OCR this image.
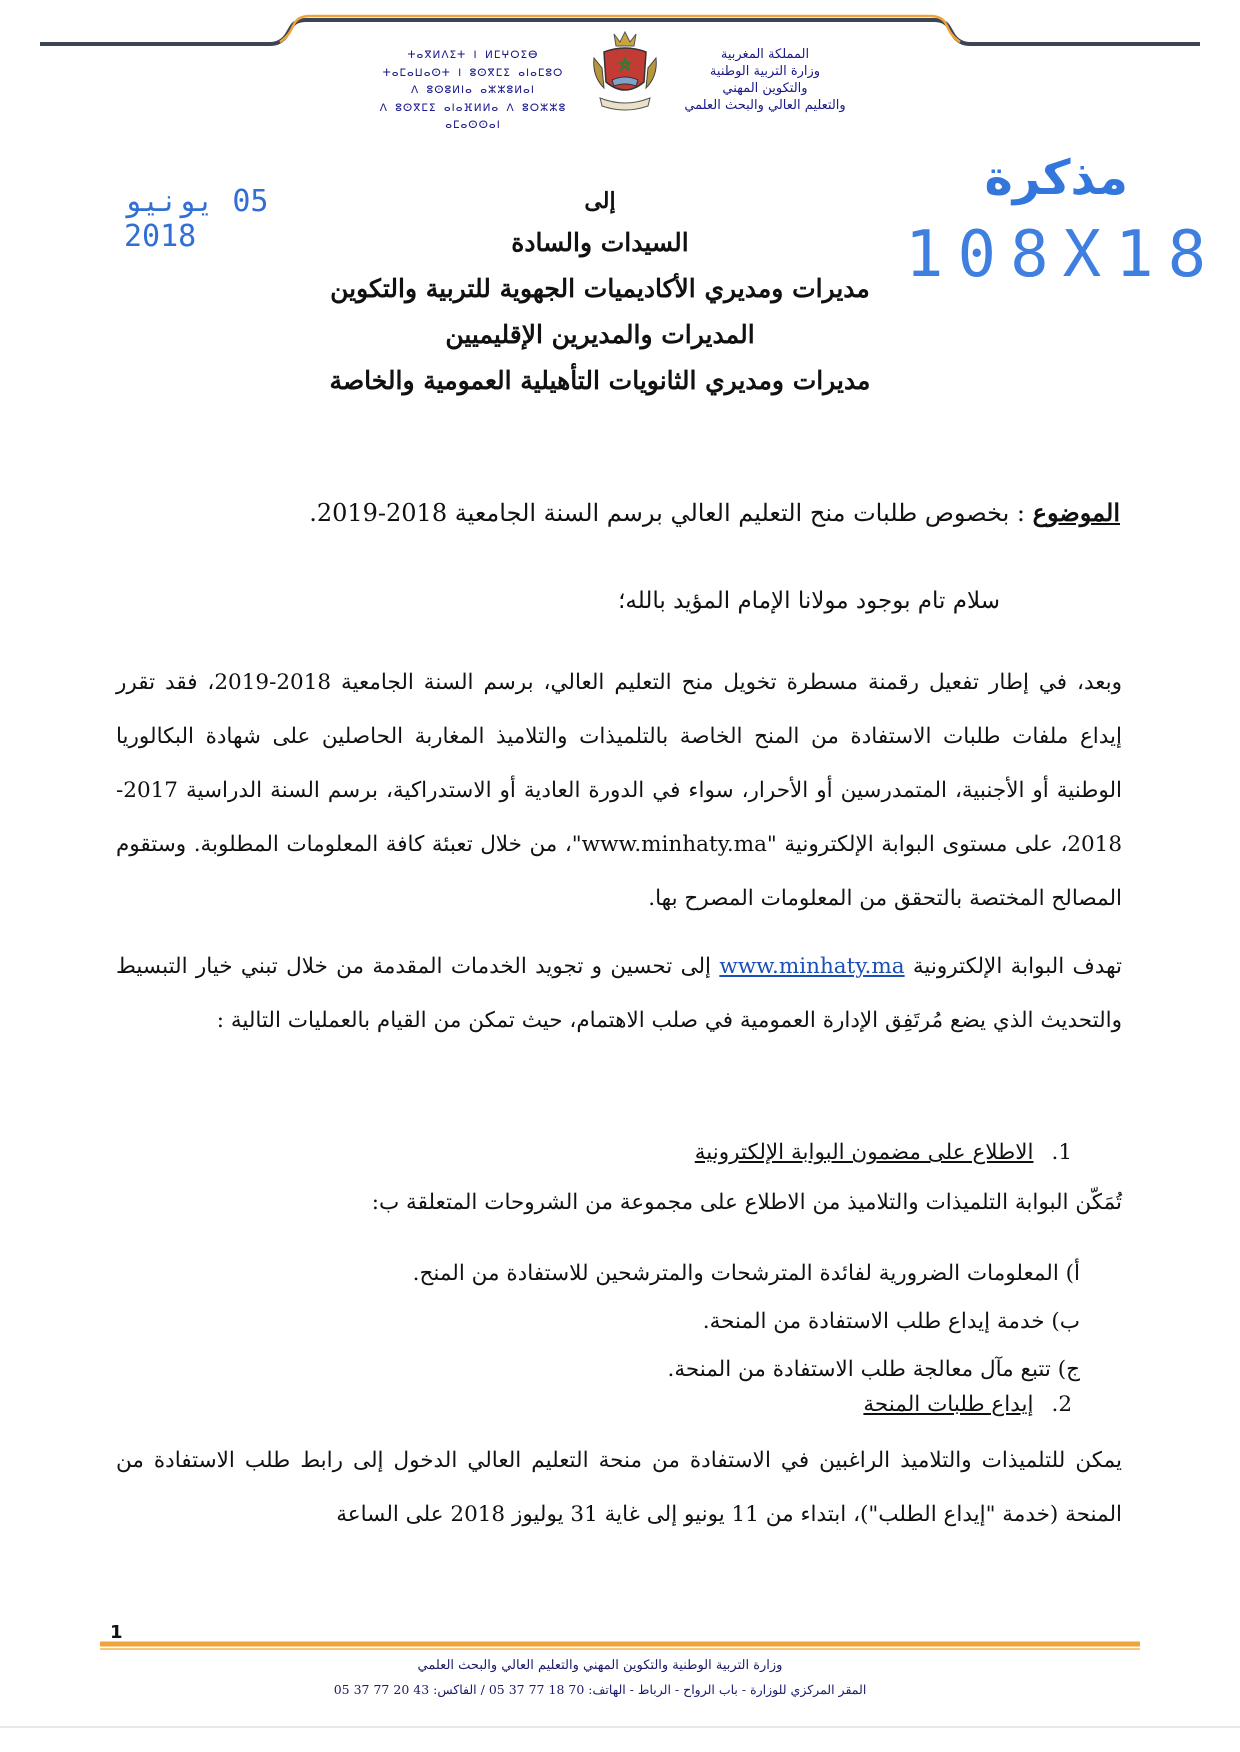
ⵜⴰⴳⵍⴷⵉⵜ ⵏ ⵍⵎⵖⵔⵉⴱ
ⵜⴰⵎⴰⵡⴰⵙⵜ ⵏ ⵓⵙⴳⵎⵉ ⴰⵏⴰⵎⵓⵔ
ⴷ ⵓⵙⵓⵍⵏⴰ ⴰⵣⵣⵓⵍⴰⵏ
ⴷ ⵓⵙⴳⵎⵉ ⴰⵏⴰⴼⵍⵍⴰ ⴷ ⵓⵔⵣⵣⵓ ⴰⵎⴰⵙⵙⴰⵏ
المملكة المغربية
وزارة التربية الوطنية
والتكوين المهني
والتعليم العالي والبحث العلمي
05 يونيو 2018
مذكرة
108X18
إلى
السيدات والسادة
مديرات ومديري الأكاديميات الجهوية للتربية والتكوين
المديرات والمديرين الإقليميين
مديرات ومديري الثانويات التأهيلية العمومية والخاصة
الموضوع : بخصوص طلبات منح التعليم العالي برسم السنة الجامعية 2018-2019.
سلام تام بوجود مولانا الإمام المؤيد بالله؛
وبعد، في إطار تفعيل رقمنة مسطرة تخويل منح التعليم العالي، برسم السنة الجامعية 2018-2019، فقد تقرر إيداع ملفات طلبات الاستفادة من المنح الخاصة بالتلميذات والتلاميذ المغاربة الحاصلين على شهادة البكالوريا الوطنية أو الأجنبية، المتمدرسين أو الأحرار، سواء في الدورة العادية أو الاستدراكية، برسم السنة الدراسية 2017-2018، على مستوى البوابة الإلكترونية "www.minhaty.ma"، من خلال تعبئة كافة المعلومات المطلوبة. وستقوم المصالح المختصة بالتحقق من المعلومات المصرح بها.
تهدف البوابة الإلكترونية www.minhaty.ma إلى تحسين و تجويد الخدمات المقدمة من خلال تبني خيار التبسيط والتحديث الذي يضع مُرتَفِق الإدارة العمومية في صلب الاهتمام، حيث تمكن من القيام بالعمليات التالية :
1.الاطلاع على مضمون البوابة الإلكترونية
تُمَكّن البوابة التلميذات والتلاميذ من الاطلاع على مجموعة من الشروحات المتعلقة ب:
أ) المعلومات الضرورية لفائدة المترشحات والمترشحين للاستفادة من المنح.
ب) خدمة إيداع طلب الاستفادة من المنحة.
ج) تتبع مآل معالجة طلب الاستفادة من المنحة.
2.إيداع طلبات المنحة
يمكن للتلميذات والتلاميذ الراغبين في الاستفادة من منحة التعليم العالي الدخول إلى رابط طلب الاستفادة من المنحة (خدمة "إيداع الطلب")، ابتداء من 11 يونيو إلى غاية 31 يوليوز 2018 على الساعة
1
وزارة التربية الوطنية والتكوين المهني والتعليم العالي والبحث العلمي
المقر المركزي للوزارة - باب الرواح - الرباط - الهاتف: 70 18 77 37 05 / الفاكس: 43 20 77 37 05
